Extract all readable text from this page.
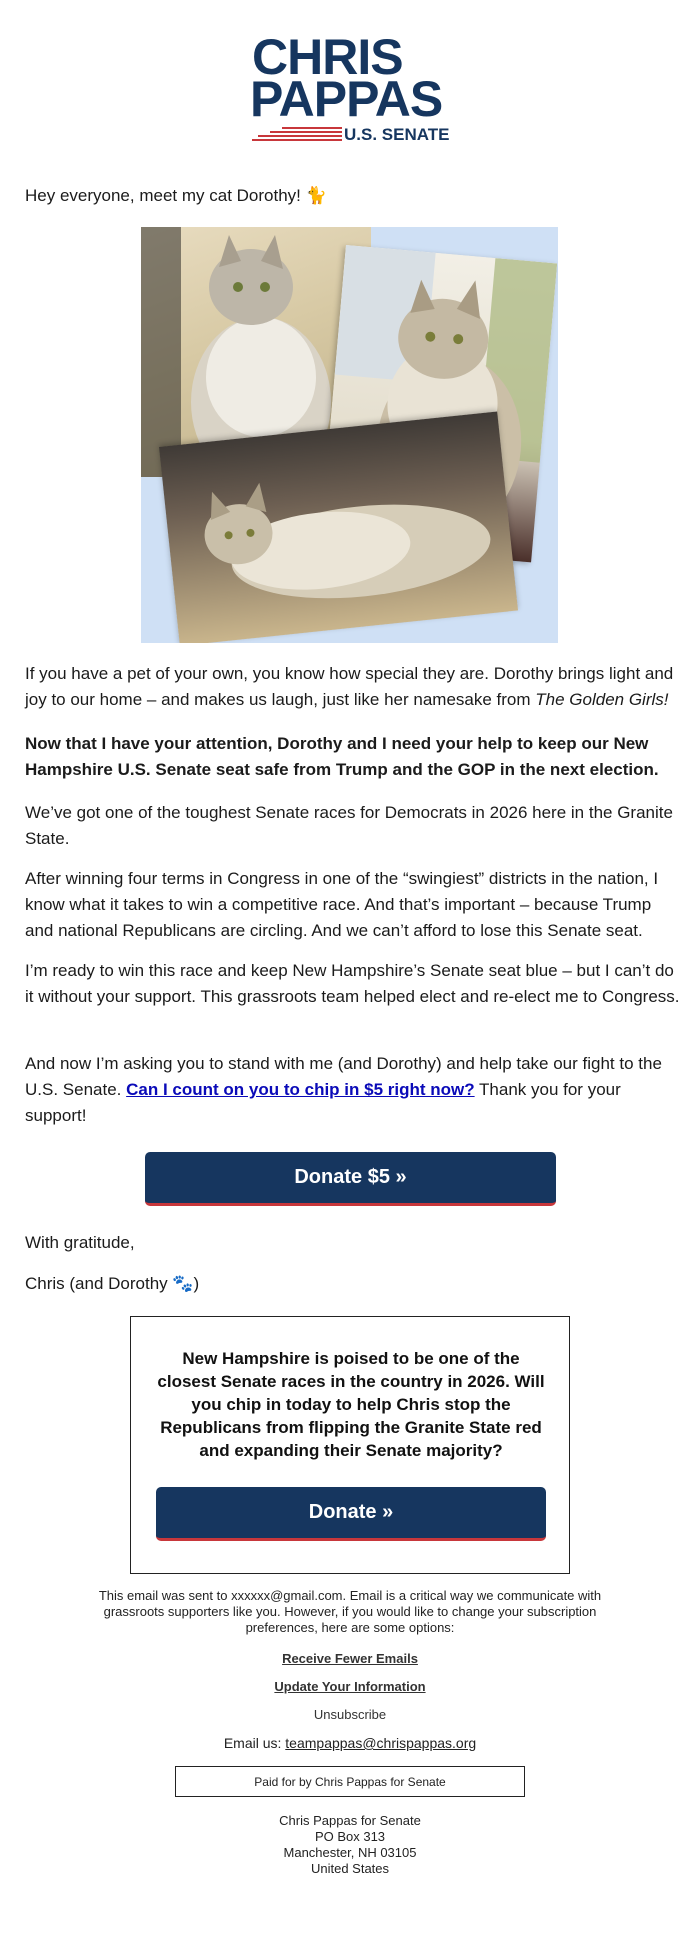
CHRIS
PAPPAS
U.S. SENATE

Hey everyone, meet my cat Dorothy! 🐈

If you have a pet of your own, you know how special they are. Dorothy brings light and joy to our home – and makes us laugh, just like her namesake from The Golden Girls!

Now that I have your attention, Dorothy and I need your help to keep our New Hampshire U.S. Senate seat safe from Trump and the GOP in the next election.

We’ve got one of the toughest Senate races for Democrats in 2026 here in the Granite State.

After winning four terms in Congress in one of the “swingiest” districts in the nation, I know what it takes to win a competitive race. And that’s important – because Trump and national Republicans are circling. And we can’t afford to lose this Senate seat.

I’m ready to win this race and keep New Hampshire’s Senate seat blue – but I can’t do it without your support. This grassroots team helped elect and re-elect me to Congress.

And now I’m asking you to stand with me (and Dorothy) and help take our fight to the U.S. Senate. Can I count on you to chip in $5 right now? Thank you for your support!

Donate $5 »

With gratitude,

Chris (and Dorothy 🐾)

New Hampshire is poised to be one of the closest Senate races in the country in 2026. Will you chip in today to help Chris stop the Republicans from flipping the Granite State red and expanding their Senate majority?

Donate »

This email was sent to xxxxxx@gmail.com. Email is a critical way we communicate with grassroots supporters like you. However, if you would like to change your subscription preferences, here are some options:

Receive Fewer Emails
Update Your Information
Unsubscribe
Email us: teampappas@chrispappas.org
Paid for by Chris Pappas for Senate
Chris Pappas for Senate
PO Box 313
Manchester, NH 03105
United States
